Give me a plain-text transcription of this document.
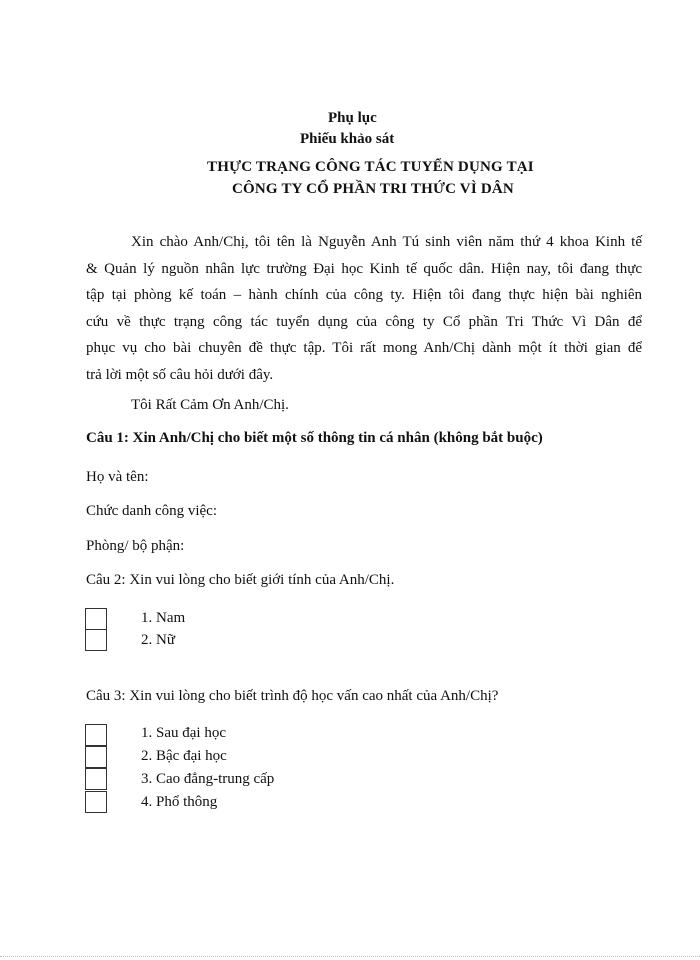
Phụ lục
Phiếu khảo sát
THỰC TRẠNG CÔNG TÁC TUYỂN DỤNG TẠI
CÔNG TY CỔ PHẦN TRI THỨC VÌ DÂN
Xin chào Anh/Chị, tôi tên là Nguyễn Anh Tú sinh viên năm thứ 4 khoa Kinh tế
& Quản lý nguồn nhân lực trường Đại học Kinh tế quốc dân. Hiện nay, tôi đang thực
tập tại phòng kế toán – hành chính của công ty. Hiện tôi đang thực hiện bài nghiên
cứu về thực trạng công tác tuyển dụng của công ty Cổ phần Tri Thức Vì Dân để
phục vụ cho bài chuyên đề thực tập. Tôi rất mong Anh/Chị dành một ít thời gian để
trả lời một số câu hỏi dưới đây.
Tôi Rất Cảm Ơn Anh/Chị.
Câu 1: Xin Anh/Chị cho biết một số thông tin cá nhân (không bắt buộc)
Họ và tên:
Chức danh công việc:
Phòng/ bộ phận:
Câu 2: Xin vui lòng cho biết giới tính của Anh/Chị.
1. Nam
2. Nữ
Câu 3: Xin vui lòng cho biết trình độ học vấn cao nhất của Anh/Chị?
1. Sau đại học
2. Bậc đại học
3. Cao đẳng-trung cấp
4. Phổ thông
